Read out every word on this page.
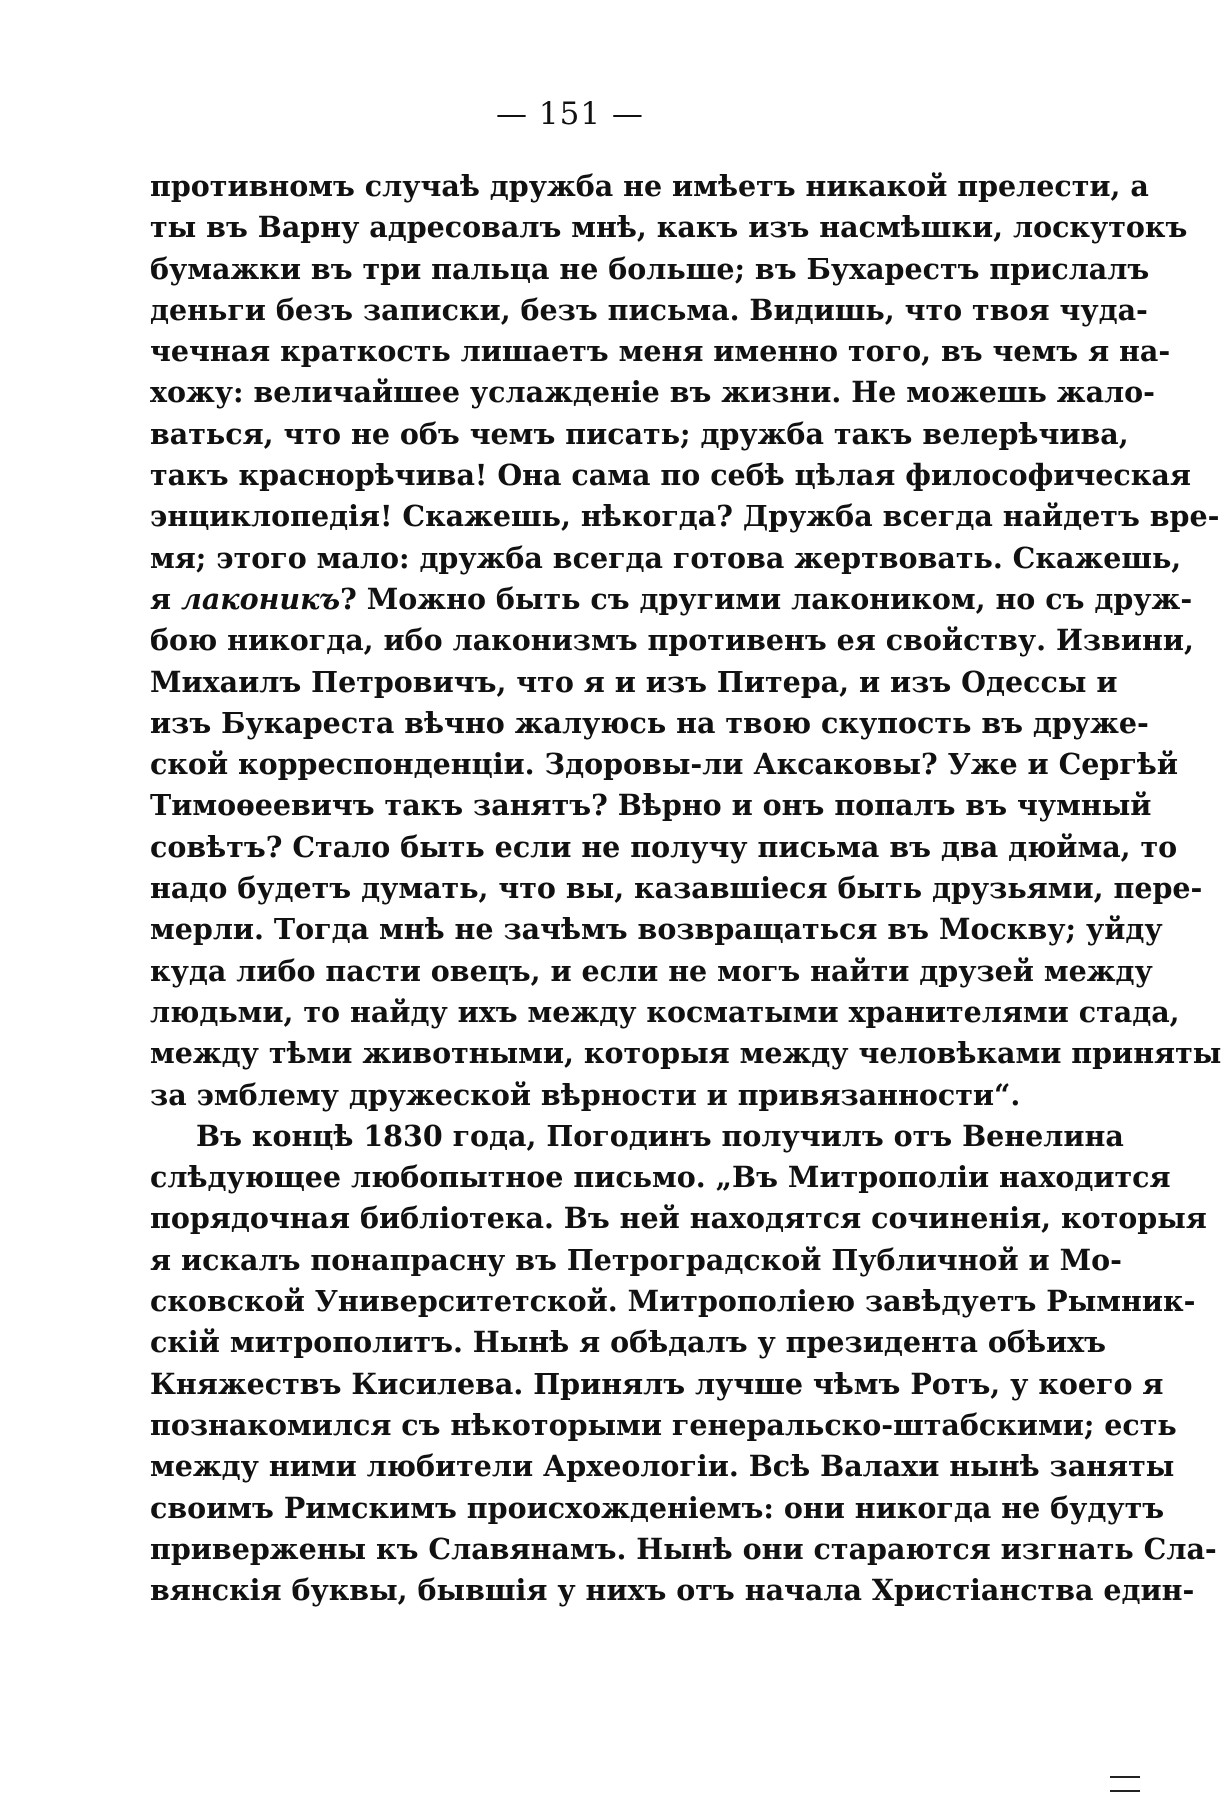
— 151 —
противномъ случаѣ дружба не имѣетъ никакой прелести, а
ты въ Варну адресовалъ мнѣ, какъ изъ насмѣшки, лоскутокъ
бумажки въ три пальца не больше; въ Бухарестъ прислалъ
деньги безъ записки, безъ письма. Видишь, что твоя чуда-
чечная краткость лишаетъ меня именно того, въ чемъ я на-
хожу: величайшее услажденіе въ жизни. Не можешь жало-
ваться, что не объ чемъ писать; дружба такъ велерѣчива,
такъ краснорѣчива! Она сама по себѣ цѣлая философическая
энциклопедія! Скажешь, нѣкогда? Дружба всегда найдетъ вре-
мя; этого мало: дружба всегда готова жертвовать. Скажешь,
я лаконикъ? Можно быть съ другими лакоником, но съ друж-
бою никогда, ибо лаконизмъ противенъ ея свойству. Извини,
Михаилъ Петровичъ, что я и изъ Питера, и изъ Одессы и
изъ Букареста вѣчно жалуюсь на твою скупость въ друже-
ской корреспонденціи. Здоровы-ли Аксаковы? Уже и Сергѣй
Тимоѳеевичъ такъ занятъ? Вѣрно и онъ попалъ въ чумный
совѣтъ? Стало быть если не получу письма въ два дюйма, то
надо будетъ думать, что вы, казавшіеся быть друзьями, пере-
мерли. Тогда мнѣ не зачѣмъ возвращаться въ Москву; уйду
куда либо пасти овецъ, и если не могъ найти друзей между
людьми, то найду ихъ между косматыми хранителями стада,
между тѣми животными, которыя между человѣками приняты
за эмблему дружеской вѣрности и привязанности“.
Въ концѣ 1830 года, Погодинъ получилъ отъ Венелина
слѣдующее любопытное письмо. „Въ Митрополіи находится
порядочная библіотека. Въ ней находятся сочиненія, которыя
я искалъ понапрасну въ Петроградской Публичной и Мо-
сковской Университетской. Митрополіею завѣдуетъ Рымник-
скій митрополитъ. Нынѣ я обѣдалъ у президента обѣихъ
Княжествъ Кисилева. Принялъ лучше чѣмъ Ротъ, у коего я
познакомился съ нѣкоторыми генеральско-штабскими; есть
между ними любители Археологіи. Всѣ Валахи нынѣ заняты
своимъ Римскимъ происхожденіемъ: они никогда не будутъ
привержены къ Славянамъ. Нынѣ они стараются изгнать Сла-
вянскія буквы, бывшія у нихъ отъ начала Христіанства един-
